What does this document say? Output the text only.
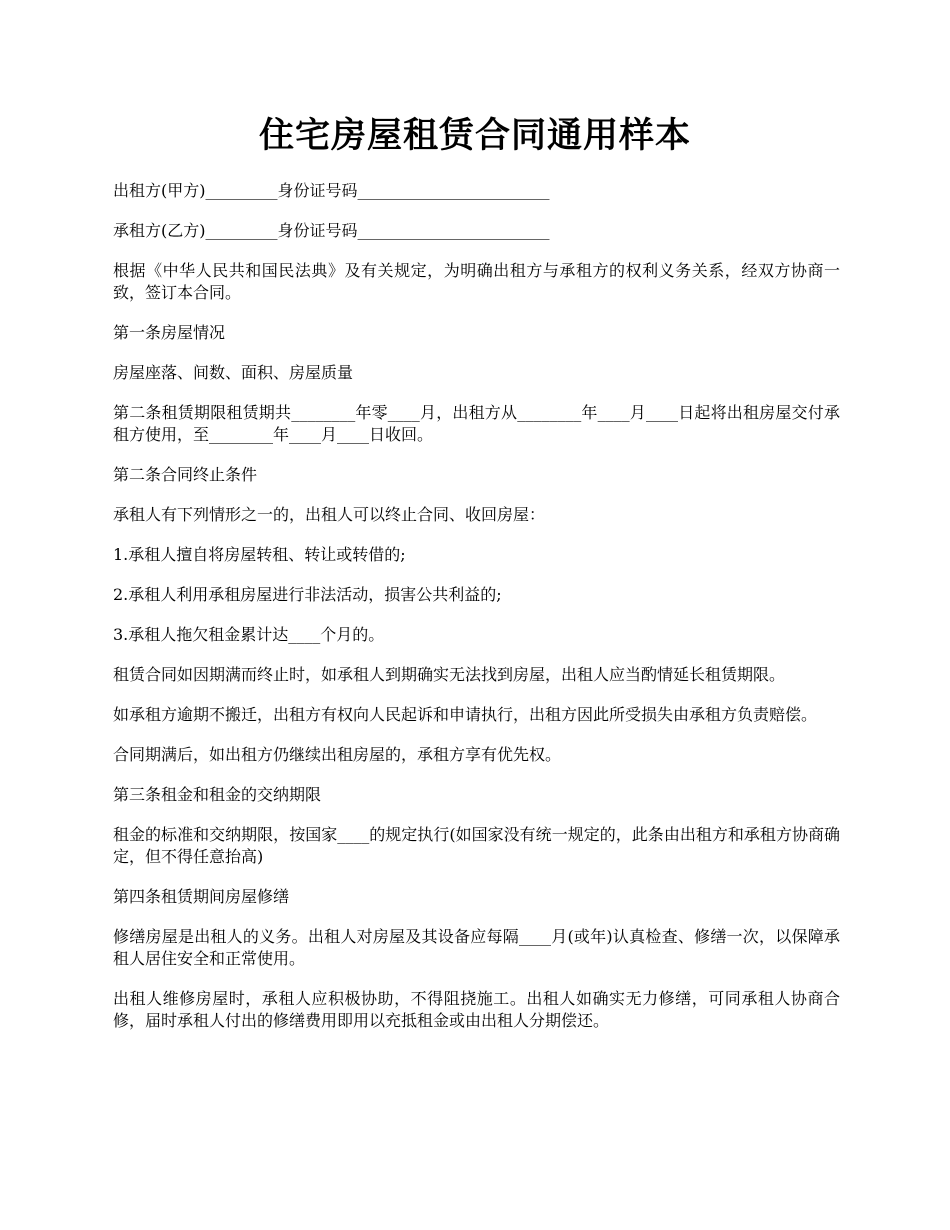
住宅房屋租赁合同通用样本

出租方(甲方)_________身份证号码________________________

承租方(乙方)_________身份证号码________________________

根据《中华人民共和国民法典》及有关规定，为明确出租方与承租方的权利义务关系，经双方协商一致，签订本合同。

第一条房屋情况

房屋座落、间数、面积、房屋质量

第二条租赁期限租赁期共________年零____月，出租方从________年____月____日起将出租房屋交付承租方使用，至________年____月____日收回。

第二条合同终止条件

承租人有下列情形之一的，出租人可以终止合同、收回房屋：

1.承租人擅自将房屋转租、转让或转借的;

2.承租人利用承租房屋进行非法活动，损害公共利益的;

3.承租人拖欠租金累计达____个月的。

租赁合同如因期满而终止时，如承租人到期确实无法找到房屋，出租人应当酌情延长租赁期限。

如承租方逾期不搬迁，出租方有权向人民起诉和申请执行，出租方因此所受损失由承租方负责赔偿。

合同期满后，如出租方仍继续出租房屋的，承租方享有优先权。

第三条租金和租金的交纳期限

租金的标准和交纳期限，按国家____的规定执行(如国家没有统一规定的，此条由出租方和承租方协商确定，但不得任意抬高)

第四条租赁期间房屋修缮

修缮房屋是出租人的义务。出租人对房屋及其设备应每隔____月(或年)认真检查、修缮一次，以保障承租人居住安全和正常使用。

出租人维修房屋时，承租人应积极协助，不得阻挠施工。出租人如确实无力修缮，可同承租人协商合修，届时承租人付出的修缮费用即用以充抵租金或由出租人分期偿还。
